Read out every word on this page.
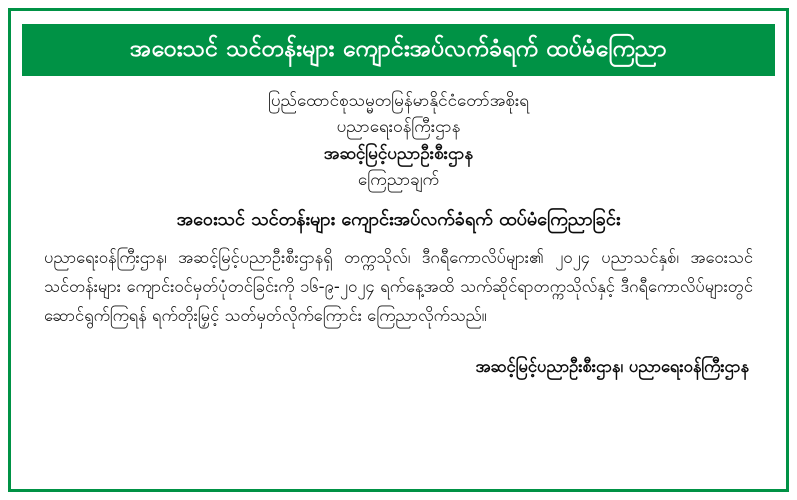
အဝေးသင် သင်တန်းများ ကျောင်းအပ်လက်ခံရက် ထပ်မံကြေညာ
ပြည်ထောင်စုသမ္မတမြန်မာနိုင်ငံတော်အစိုးရ
ပညာရေးဝန်ကြီးဌာန
အဆင့်မြင့်ပညာဦးစီးဌာန
ကြေညာချက်
အဝေးသင် သင်တန်းများ ကျောင်းအပ်လက်ခံရက် ထပ်မံကြေညာခြင်း
ပညာရေးဝန်ကြီးဌာန၊ အဆင့်မြင့်ပညာဦးစီးဌာနရှိ တက္ကသိုလ်၊ ဒီဂရီကောလိပ်များ၏ ၂၀၂၄ ပညာသင်နှစ်၊ အဝေးသင် သင်တန်းများ ကျောင်းဝင်မှတ်ပုံတင်ခြင်းကို ၁၆-၉-၂၀၂၄ ရက်နေ့အထိ သက်ဆိုင်ရာတက္ကသိုလ်နှင့် ဒီဂရီကောလိပ်များတွင် ဆောင်ရွက်ကြရန် ရက်တိုးမြှင့် သတ်မှတ်လိုက်ကြောင်း ကြေညာလိုက်သည်။
အဆင့်မြင့်ပညာဦးစီးဌာန၊ ပညာရေးဝန်ကြီးဌာန
